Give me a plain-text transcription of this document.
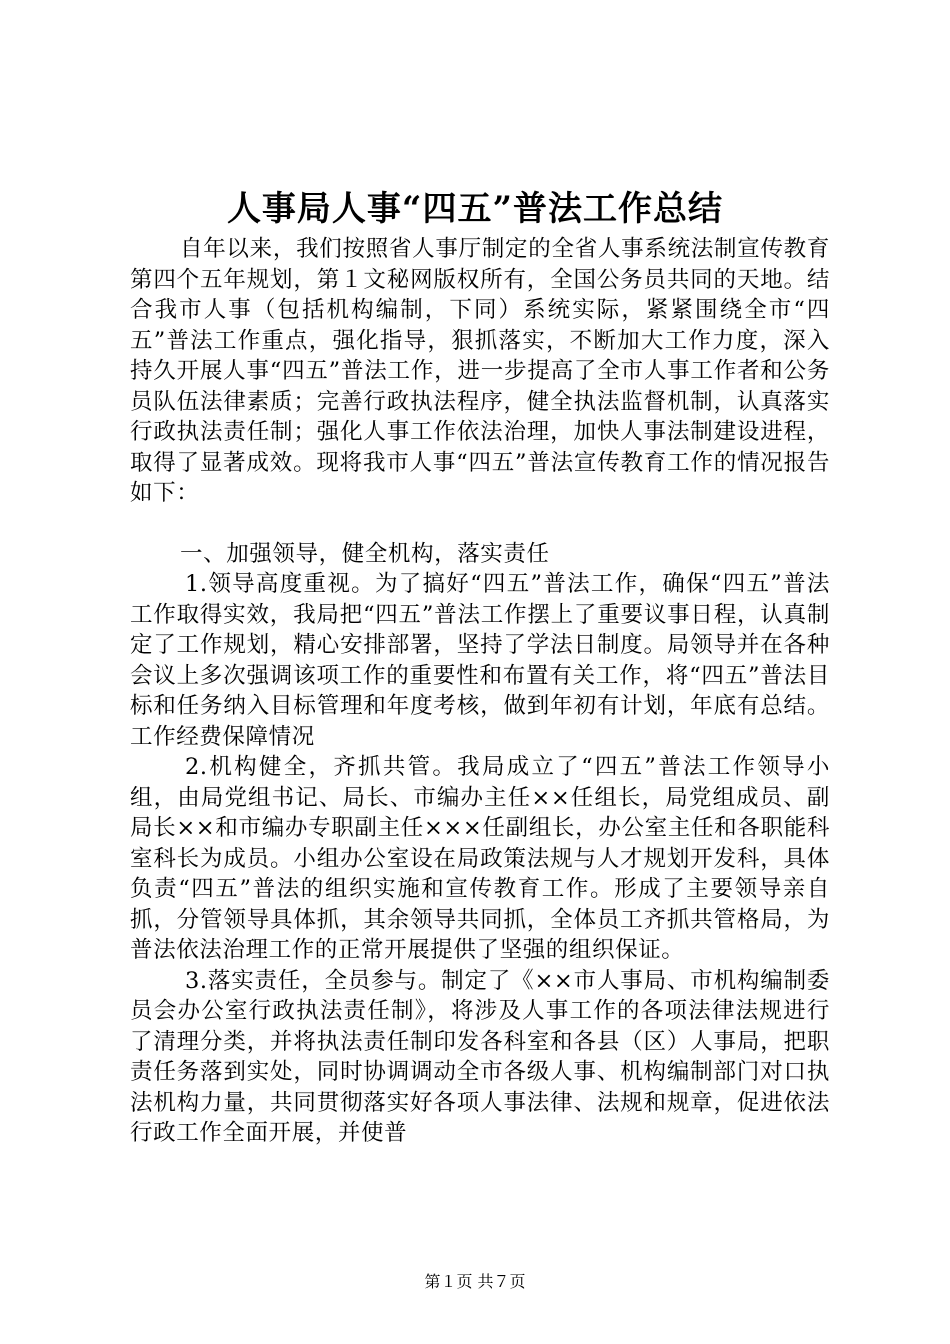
人事局人事“四五”普法工作总结

自年以来，我们按照省人事厅制定的全省人事系统法制宣传教育第四个五年规划，第１文秘网版权所有，全国公务员共同的天地。结合我市人事（包括机构编制，下同）系统实际，紧紧围绕全市“四五”普法工作重点，强化指导，狠抓落实，不断加大工作力度，深入持久开展人事“四五”普法工作，进一步提高了全市人事工作者和公务员队伍法律素质；完善行政执法程序，健全执法监督机制，认真落实行政执法责任制；强化人事工作依法治理，加快人事法制建设进程，取得了显著成效。现将我市人事“四五”普法宣传教育工作的情况报告如下：

一、加强领导，健全机构，落实责任

1.领导高度重视。为了搞好“四五”普法工作，确保“四五”普法工作取得实效，我局把“四五”普法工作摆上了重要议事日程，认真制定了工作规划，精心安排部署，坚持了学法日制度。局领导并在各种会议上多次强调该项工作的重要性和布置有关工作，将“四五”普法目标和任务纳入目标管理和年度考核，做到年初有计划，年底有总结。工作经费保障情况

2.机构健全，齐抓共管。我局成立了“四五”普法工作领导小组，由局党组书记、局长、市编办主任××任组长，局党组成员、副局长××和市编办专职副主任×××任副组长，办公室主任和各职能科室科长为成员。小组办公室设在局政策法规与人才规划开发科，具体负责“四五”普法的组织实施和宣传教育工作。形成了主要领导亲自抓，分管领导具体抓，其余领导共同抓，全体员工齐抓共管格局，为普法依法治理工作的正常开展提供了坚强的组织保证。

3.落实责任，全员参与。制定了《××市人事局、市机构编制委员会办公室行政执法责任制》，将涉及人事工作的各项法律法规进行了清理分类，并将执法责任制印发各科室和各县（区）人事局，把职责任务落到实处，同时协调调动全市各级人事、机构编制部门对口执法机构力量，共同贯彻落实好各项人事法律、法规和规章，促进依法行政工作全面开展，并使普

第１页 共７页
